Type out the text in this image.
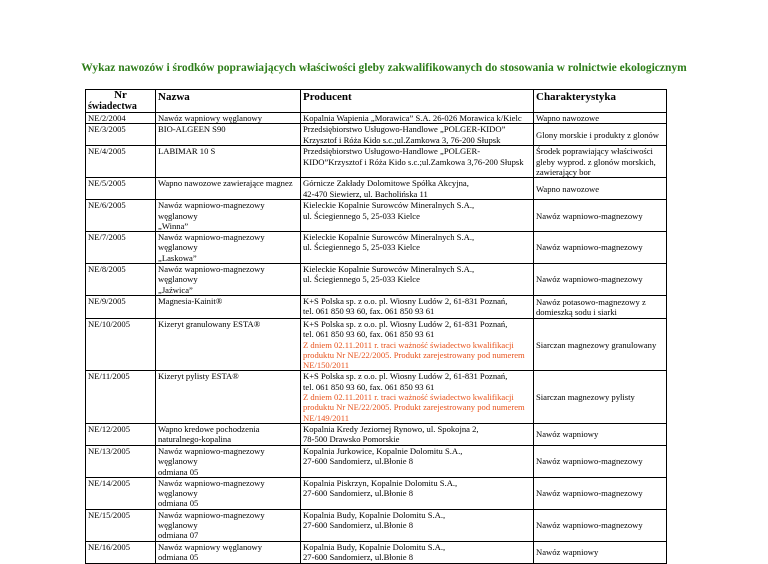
Wykaz nawozów i środków poprawiających właściwości gleby zakwalifikowanych do stosowania w rolnictwie ekologicznym
Nr
świadectwa	Nazwa	Producent	Charakterystyka
NE/2/2004	Nawóz wapniowy węglanowy	Kopalnia Wapienia „Morawica” S.A. 26-026 Morawica k/Kielc	Wapno nawozowe

NE/3/2005	BIO-ALGEEN S90	Przedsiębiorstwo Usługowo-Handlowe „POLGER-KIDO”
Krzysztof i Róża Kido s.c.;ul.Zamkowa 3, 76-200 Słupsk	Glony morskie i produkty z glonów

NE/4/2005	LABIMAR 10 S	Przedsiębiorstwo Usługowo-Handlowe „POLGER-
KIDO”Krzysztof i Róża Kido s.c.;ul.Zamkowa 3,76-200 Słupsk	Środek poprawiający właściwości
gleby wyprod. z glonów morskich,
zawierający bor

NE/5/2005	Wapno nawozowe zawierające magnez	Górnicze Zakłady Dolomitowe Spółka Akcyjna,
42-470 Siewierz, ul. Bacholińska 11	Wapno nawozowe

NE/6/2005	Nawóz wapniowo-magnezowy węglanowy
„Winna”	Kieleckie Kopalnie Surowców Mineralnych S.A.,
ul. Ściegiennego 5, 25-033 Kielce	Nawóz wapniowo-magnezowy

NE/7/2005	Nawóz wapniowo-magnezowy węglanowy
„Laskowa”	Kieleckie Kopalnie Surowców Mineralnych S.A.,
ul. Ściegiennego 5, 25-033 Kielce	Nawóz wapniowo-magnezowy

NE/8/2005	Nawóz wapniowo-magnezowy węglanowy
„Jaźwica”	Kieleckie Kopalnie Surowców Mineralnych S.A.,
ul. Ściegiennego 5, 25-033 Kielce	Nawóz wapniowo-magnezowy

NE/9/2005	Magnesia-Kainit®	K+S Polska sp. z o.o. pl. Wiosny Ludów 2, 61-831 Poznań,
tel. 061 850 93 60, fax. 061 850 93 61	Nawóz potasowo-magnezowy z
domieszką sodu i siarki

NE/10/2005	Kizeryt granulowany ESTA®	K+S Polska sp. z o.o. pl. Wiosny Ludów 2, 61-831 Poznań,
tel. 061 850 93 60, fax. 061 850 93 61
Z dniem 02.11.2011 r. traci ważność świadectwo kwalifikacji
produktu Nr NE/22/2005. Produkt zarejestrowany pod numerem
NE/150/2011	Siarczan magnezowy granulowany

NE/11/2005	Kizeryt pylisty ESTA®	K+S Polska sp. z o.o. pl. Wiosny Ludów 2, 61-831 Poznań,
tel. 061 850 93 60, fax. 061 850 93 61
Z dniem 02.11.2011 r. traci ważność świadectwo kwalifikacji
produktu Nr NE/22/2005. Produkt zarejestrowany pod numerem
NE/149/2011	Siarczan magnezowy pylisty

NE/12/2005	Wapno kredowe pochodzenia
naturalnego-kopalina	Kopalnia Kredy Jeziornej Rynowo, ul. Spokojna 2,
78-500 Drawsko Pomorskie	Nawóz wapniowy

NE/13/2005	Nawóz wapniowo-magnezowy węglanowy
odmiana 05	Kopalnia Jurkowice, Kopalnie Dolomitu S.A.,
27-600 Sandomierz, ul.Błonie 8	Nawóz wapniowo-magnezowy

NE/14/2005	Nawóz wapniowo-magnezowy węglanowy
odmiana 05	Kopalnia Piskrzyn, Kopalnie Dolomitu S.A.,
27-600 Sandomierz, ul.Błonie 8	Nawóz wapniowo-magnezowy

NE/15/2005	Nawóz wapniowo-magnezowy węglanowy
odmiana 07	Kopalnia Budy, Kopalnie Dolomitu S.A.,
27-600 Sandomierz, ul.Błonie 8	Nawóz wapniowo-magnezowy

NE/16/2005	Nawóz wapniowy węglanowy
odmiana 05	Kopalnia Budy, Kopalnie Dolomitu S.A.,
27-600 Sandomierz, ul.Błonie 8	Nawóz wapniowy
